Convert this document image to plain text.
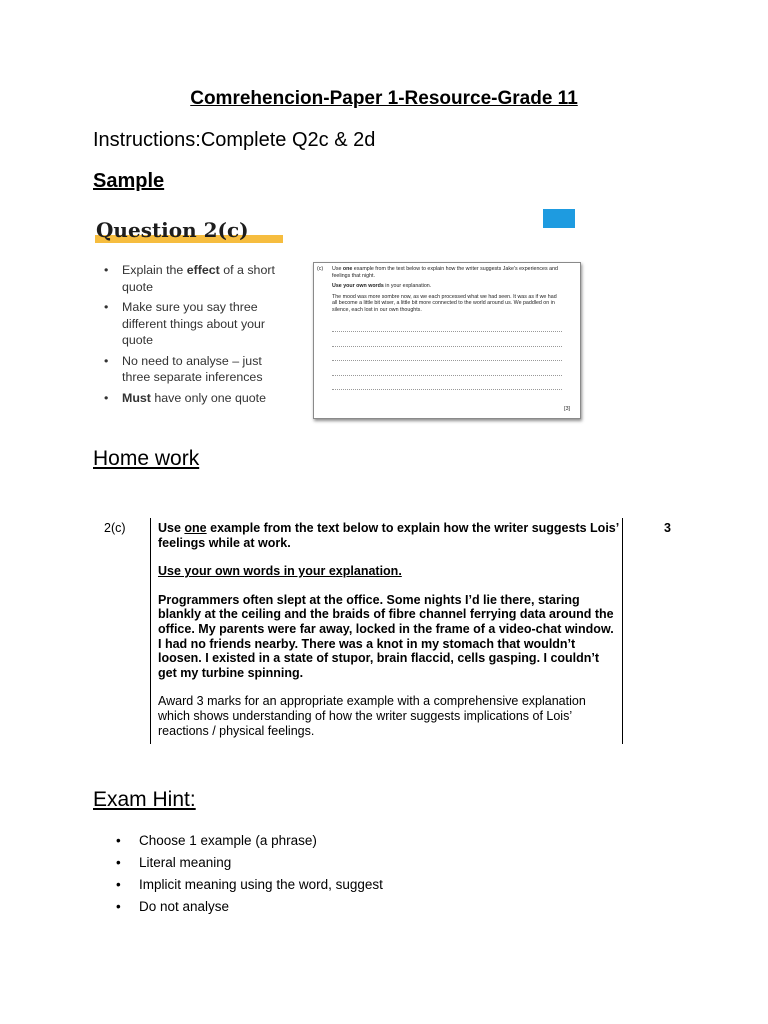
Comrehencion-Paper 1-Resource-Grade 11
Instructions:Complete Q2c & 2d
Sample
Question 2(c)
• Explain the effect of a short quote
• Make sure you say three different things about your quote
• No need to analyse – just three separate inferences
• Must have only one quote
(c) Use one example from the text below to explain how the writer suggests Jake's experiences and feelings that night.

Use your own words in your explanation.

The mood was more sombre now, as we each processed what we had seen. It was as if we had all become a little bit wiser, a little bit more connected to the world around us. We paddled on in silence, each lost in our own thoughts.

[3]
Home work
2(c)	3

Use one example from the text below to explain how the writer suggests Lois’ feelings while at work.

Use your own words in your explanation.

Programmers often slept at the office. Some nights I’d lie there, staring blankly at the ceiling and the braids of fibre channel ferrying data around the office. My parents were far away, locked in the frame of a video-chat window. I had no friends nearby. There was a knot in my stomach that wouldn’t loosen. I existed in a state of stupor, brain flaccid, cells gasping. I couldn’t get my turbine spinning.

Award 3 marks for an appropriate example with a comprehensive explanation which shows understanding of how the writer suggests implications of Lois’ reactions / physical feelings.

Exam Hint:
• Choose 1 example (a phrase)
• Literal meaning
• Implicit meaning using the word, suggest
• Do not analyse
